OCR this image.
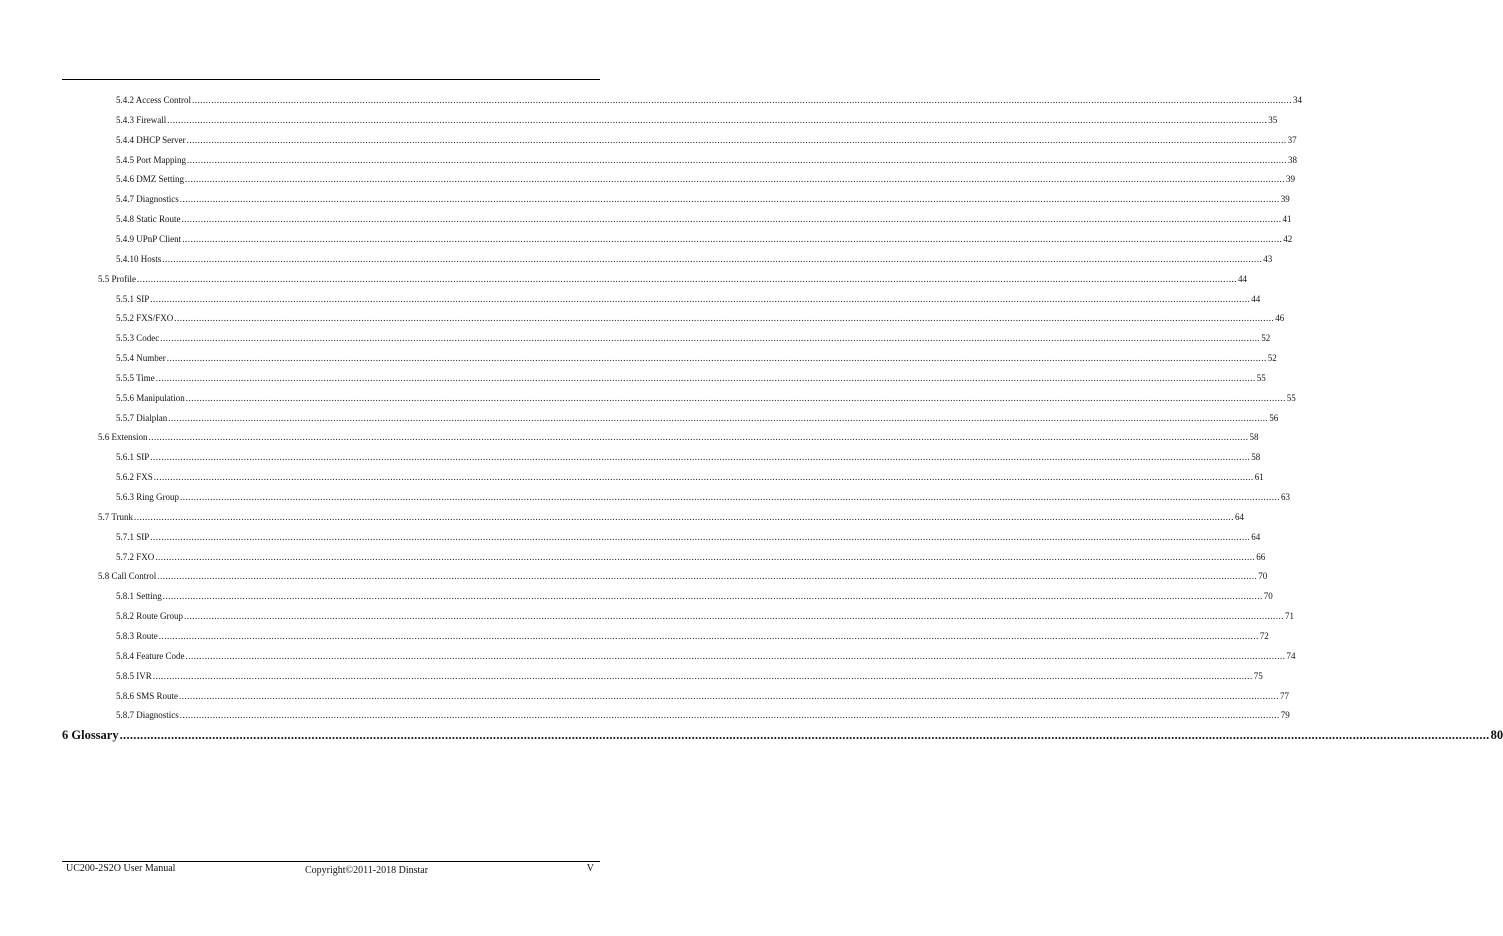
5.4.2 Access Control ................................................................................................................................................................................................................................................................................................................................................................................................................ 34
5.4.3 Firewall ................................................................................................................................................................................................................................................................................................................................................................................................................ 35
5.4.4 DHCP Server ................................................................................................................................................................................................................................................................................................................................................................................................................ 37
5.4.5 Port Mapping ................................................................................................................................................................................................................................................................................................................................................................................................................ 38
5.4.6 DMZ Setting ................................................................................................................................................................................................................................................................................................................................................................................................................ 39
5.4.7 Diagnostics ................................................................................................................................................................................................................................................................................................................................................................................................................ 39
5.4.8 Static Route ................................................................................................................................................................................................................................................................................................................................................................................................................ 41
5.4.9 UPnP Client ................................................................................................................................................................................................................................................................................................................................................................................................................ 42
5.4.10 Hosts ................................................................................................................................................................................................................................................................................................................................................................................................................ 43
5.5 Profile ................................................................................................................................................................................................................................................................................................................................................................................................................ 44
5.5.1 SIP ................................................................................................................................................................................................................................................................................................................................................................................................................ 44
5.5.2 FXS/FXO ................................................................................................................................................................................................................................................................................................................................................................................................................ 46
5.5.3 Codec ................................................................................................................................................................................................................................................................................................................................................................................................................ 52
5.5.4 Number ................................................................................................................................................................................................................................................................................................................................................................................................................ 52
5.5.5 Time ................................................................................................................................................................................................................................................................................................................................................................................................................ 55
5.5.6 Manipulation ................................................................................................................................................................................................................................................................................................................................................................................................................ 55
5.5.7 Dialplan ................................................................................................................................................................................................................................................................................................................................................................................................................ 56
5.6 Extension ................................................................................................................................................................................................................................................................................................................................................................................................................ 58
5.6.1 SIP ................................................................................................................................................................................................................................................................................................................................................................................................................ 58
5.6.2 FXS ................................................................................................................................................................................................................................................................................................................................................................................................................ 61
5.6.3 Ring Group ................................................................................................................................................................................................................................................................................................................................................................................................................ 63
5.7 Trunk ................................................................................................................................................................................................................................................................................................................................................................................................................ 64
5.7.1 SIP ................................................................................................................................................................................................................................................................................................................................................................................................................ 64
5.7.2 FXO ................................................................................................................................................................................................................................................................................................................................................................................................................ 66
5.8 Call Control ................................................................................................................................................................................................................................................................................................................................................................................................................ 70
5.8.1 Setting ................................................................................................................................................................................................................................................................................................................................................................................................................ 70
5.8.2 Route Group ................................................................................................................................................................................................................................................................................................................................................................................................................ 71
5.8.3 Route ................................................................................................................................................................................................................................................................................................................................................................................................................ 72
5.8.4 Feature Code ................................................................................................................................................................................................................................................................................................................................................................................................................ 74
5.8.5 IVR ................................................................................................................................................................................................................................................................................................................................................................................................................ 75
5.8.6 SMS Route ................................................................................................................................................................................................................................................................................................................................................................................................................ 77
5.8.7 Diagnostics ................................................................................................................................................................................................................................................................................................................................................................................................................ 79
6 Glossary ................................................................................................................................................................................................................................................................................................................................................................................................................ 80
UC200-2S2O User Manual	Copyright©2011-2018 Dinstar	V
